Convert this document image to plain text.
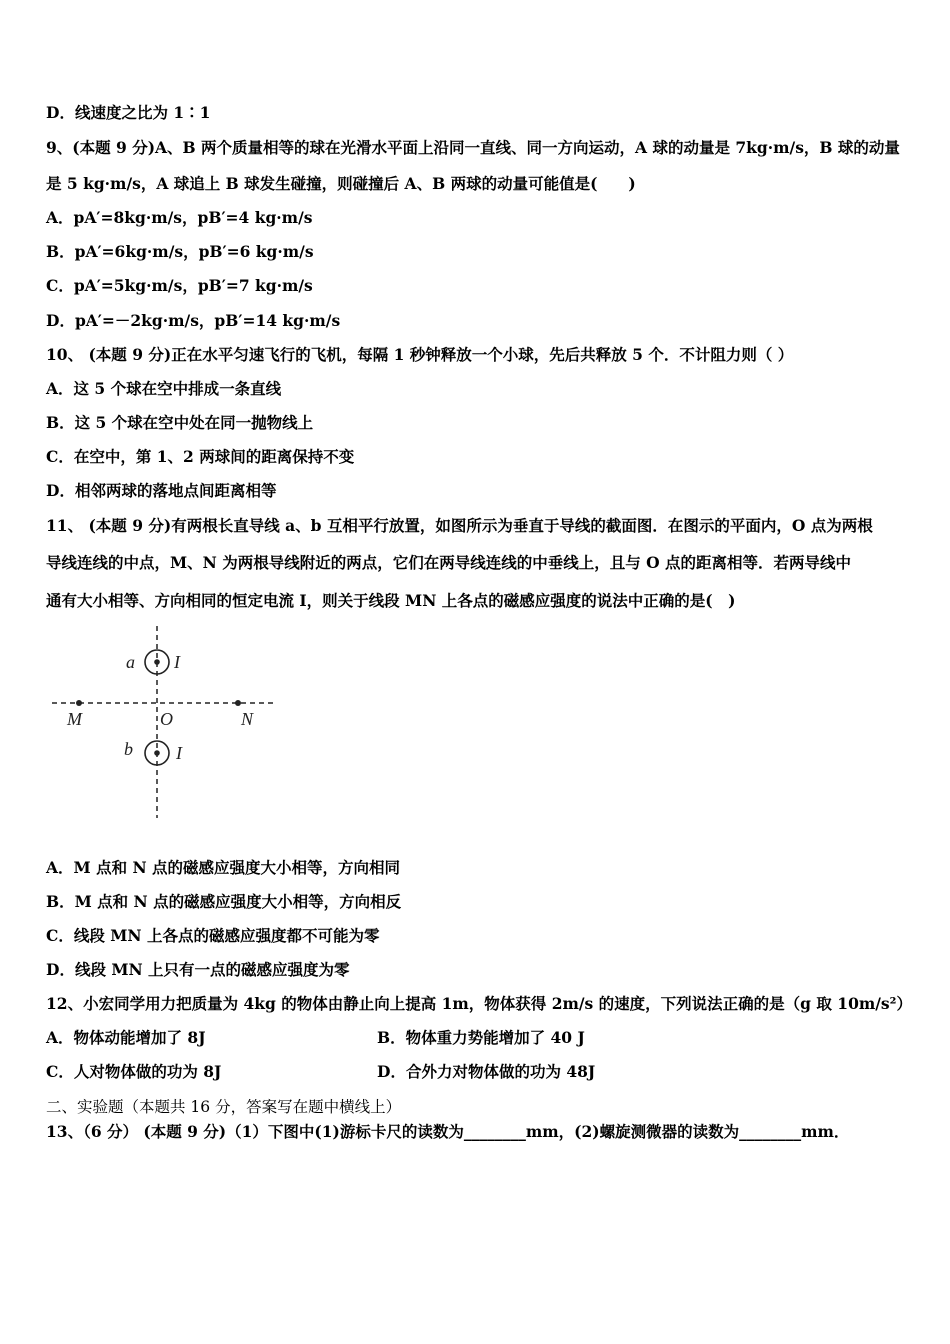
D．线速度之比为 1∶1
9、(本题 9 分)A、B 两个质量相等的球在光滑水平面上沿同一直线、同一方向运动，A 球的动量是 7kg·m/s，B 球的动量
是 5 kg·m/s，A 球追上 B 球发生碰撞，则碰撞后 A、B 两球的动量可能值是(　　)
A．pA′=8kg·m/s，pB′=4 kg·m/s
B．pA′=6kg·m/s，pB′=6 kg·m/s
C．pA′=5kg·m/s，pB′=7 kg·m/s
D．pA′=－2kg·m/s，pB′=14 kg·m/s
10、 (本题 9 分)正在水平匀速飞行的飞机，每隔 1 秒钟释放一个小球，先后共释放 5 个．不计阻力则（ ）
A．这 5 个球在空中排成一条直线
B．这 5 个球在空中处在同一抛物线上
C．在空中，第 1、2 两球间的距离保持不变
D．相邻两球的落地点间距离相等
11、 (本题 9 分)有两根长直导线 a、b 互相平行放置，如图所示为垂直于导线的截面图．在图示的平面内，O 点为两根
导线连线的中点，M、N 为两根导线附近的两点，它们在两导线连线的中垂线上，且与 O 点的距离相等．若两导线中
通有大小相等、方向相同的恒定电流 I，则关于线段 MN 上各点的磁感应强度的说法中正确的是(　)
a I
M	O	N
b I
A．M 点和 N 点的磁感应强度大小相等，方向相同
B．M 点和 N 点的磁感应强度大小相等，方向相反
C．线段 MN 上各点的磁感应强度都不可能为零
D．线段 MN 上只有一点的磁感应强度为零
12、小宏同学用力把质量为 4kg 的物体由静止向上提高 1m，物体获得 2m/s 的速度，下列说法正确的是（g 取 10m/s²）
A．物体动能增加了 8J	B．物体重力势能增加了 40 J
C．人对物体做的功为 8J	D．合外力对物体做的功为 48J
二、实验题（本题共 16 分，答案写在题中横线上）
13、（6 分） (本题 9 分)（1）下图中(1)游标卡尺的读数为________mm，(2)螺旋测微器的读数为________mm．
